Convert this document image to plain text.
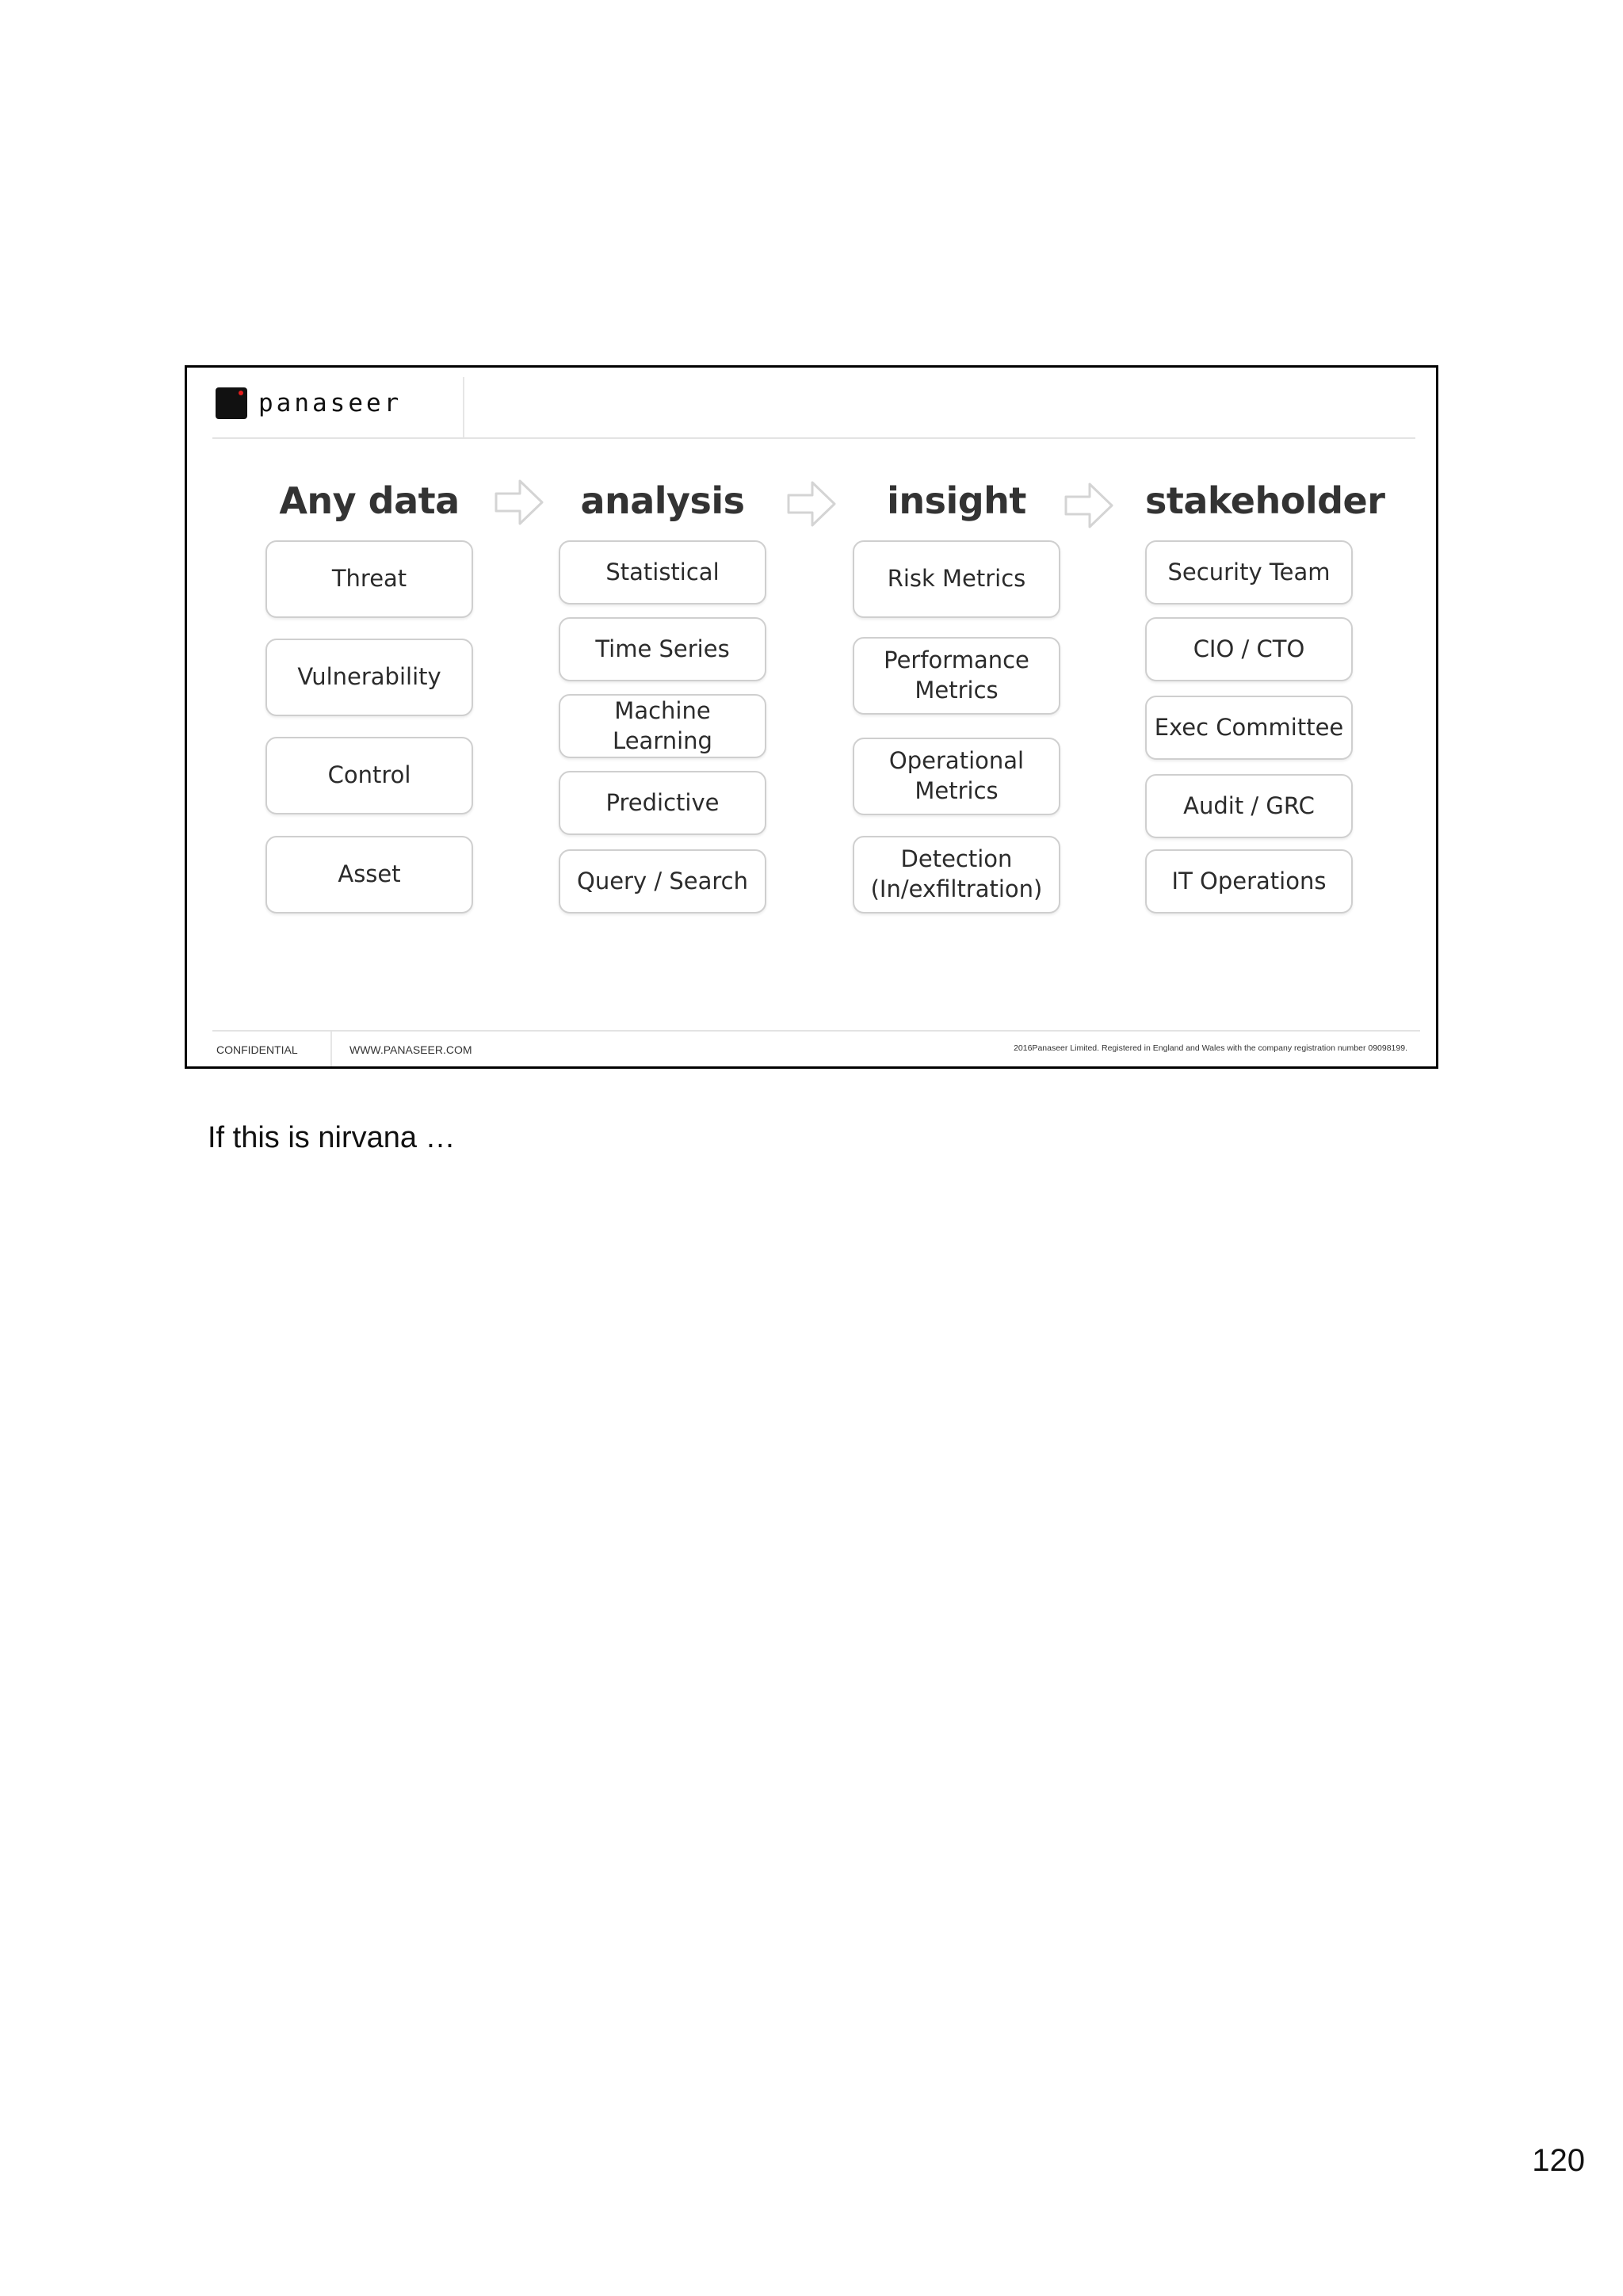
panaseer
Any data
Threat
Vulnerability
Control
Asset
analysis
Statistical
Time Series
Machine
Learning
Predictive
Query / Search
insight
Risk Metrics
Performance
Metrics
Operational
Metrics
Detection
(In/exfiltration)
stakeholder
Security Team
CIO / CTO
Exec Committee
Audit / GRC
IT Operations
CONFIDENTIAL	WWW.PANASEER.COM	2016Panaseer Limited. Registered in England and Wales with the company registration number 09098199.
If this is nirvana …
120
